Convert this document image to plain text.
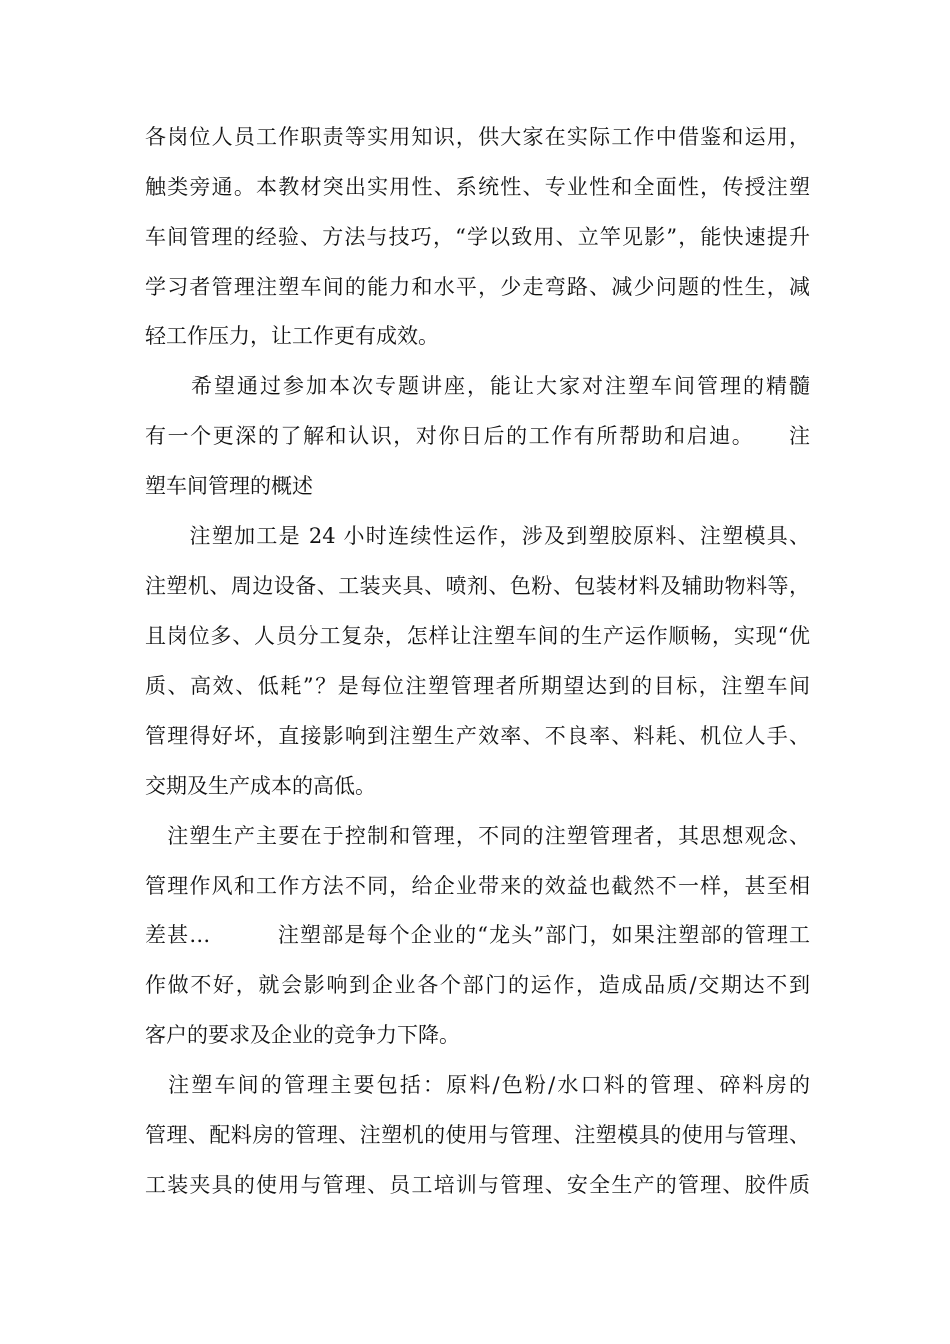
各岗位人员工作职责等实用知识，供大家在实际工作中借鉴和运用，
触类旁通。本教材突出实用性、系统性、专业性和全面性，传授注塑
车间管理的经验、方法与技巧，“学以致用、立竿见影”，能快速提升
学习者管理注塑车间的能力和水平，少走弯路、减少问题的性生，减
轻工作压力，让工作更有成效。
　　希望通过参加本次专题讲座，能让大家对注塑车间管理的精髓
有一个更深的了解和认识，对你日后的工作有所帮助和启迪。　　注
塑车间管理的概述
　　注塑加工是 24 小时连续性运作，涉及到塑胶原料、注塑模具、
注塑机、周边设备、工装夹具、喷剂、色粉、包装材料及辅助物料等，
且岗位多、人员分工复杂，怎样让注塑车间的生产运作顺畅，实现“优
质、高效、低耗”？是每位注塑管理者所期望达到的目标，注塑车间
管理得好坏，直接影响到注塑生产效率、不良率、料耗、机位人手、
交期及生产成本的高低。
　注塑生产主要在于控制和管理，不同的注塑管理者，其思想观念、
管理作风和工作方法不同，给企业带来的效益也截然不一样，甚至相
差甚…　　　注塑部是每个企业的“龙头”部门，如果注塑部的管理工
作做不好，就会影响到企业各个部门的运作，造成品质/交期达不到
客户的要求及企业的竞争力下降。
　注塑车间的管理主要包括：原料/色粉/水口料的管理、碎料房的
管理、配料房的管理、注塑机的使用与管理、注塑模具的使用与管理、
工装夹具的使用与管理、员工培训与管理、安全生产的管理、胶件质
